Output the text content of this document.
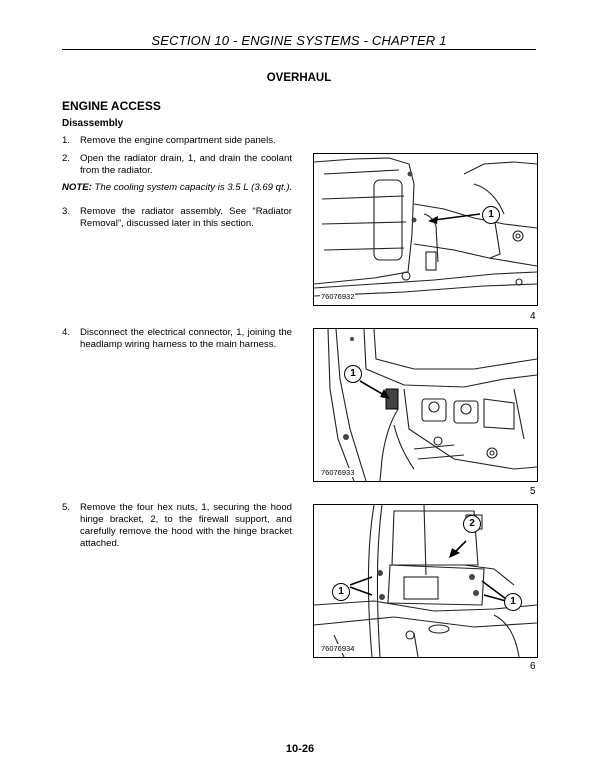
SECTION 10 - ENGINE SYSTEMS - CHAPTER 1
OVERHAUL
ENGINE ACCESS
Disassembly
1. Remove the engine compartment side panels.
2. Open the radiator drain, 1, and drain the coolant from the radiator.
NOTE: The cooling system capacity is 3.5 L (3.69 qt.).
3. Remove the radiator assembly. See “Radiator Removal”, discussed later in this section.
4. Disconnect the electrical connector, 1, joining the headlamp wiring harness to the main harness.
5. Remove the four hex nuts, 1, securing the hood hinge bracket, 2, to the firewall support, and carefully remove the hood with the hinge bracket attached.
1
76076932
4
1
76076933
5
2
1
1
76076934
6
10-26
